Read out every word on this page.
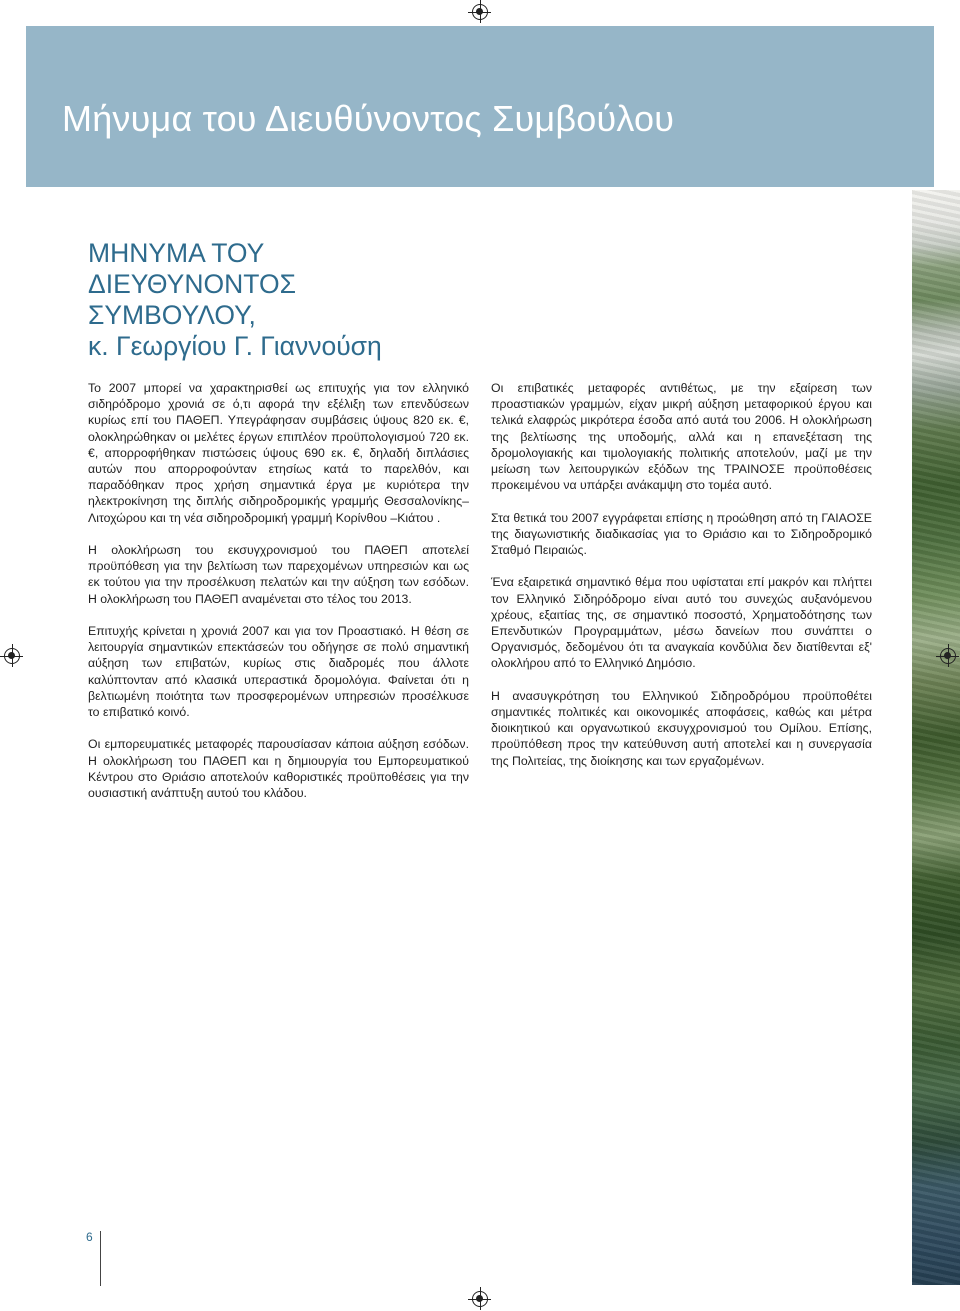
Μήνυμα του Διευθύνοντος Συμβούλου
ΜΗΝΥΜΑ ΤΟΥ
ΔΙΕΥΘΥΝΟΝΤΟΣ
ΣΥΜΒΟΥΛΟΥ,
κ. Γεωργίου Γ. Γιαννούση

Το 2007 μπορεί να χαρακτηρισθεί ως επιτυχής για τον ελληνικό σιδηρόδρομο χρονιά σε ό,τι αφορά την εξέλιξη των επενδύσεων κυρίως επί του ΠΑΘΕΠ. Υπεγράφησαν συμβάσεις ύψους 820 εκ. €, ολοκληρώθηκαν οι μελέτες έργων επιπλέον προϋπολογισμού 720 εκ. €, απορροφήθηκαν πιστώσεις ύψους 690 εκ. €, δηλαδή διπλάσιες αυτών που απορροφούνταν ετησίως κατά το παρελθόν, και παραδόθηκαν προς χρήση σημαντικά έργα με κυριότερα την ηλεκτροκίνηση της διπλής σιδηροδρομικής γραμμής Θεσσαλονίκης–Λιτοχώρου και τη νέα σιδηροδρομική γραμμή Κορίνθου –Κιάτου .

Η ολοκλήρωση του εκσυγχρονισμού του ΠΑΘΕΠ αποτελεί προϋπόθεση για την βελτίωση των παρεχομένων υπηρεσιών και ως εκ τούτου για την προσέλκυση πελατών και την αύξηση των εσόδων. Η ολοκλήρωση του ΠΑΘΕΠ αναμένεται στο τέλος του 2013.

Επιτυχής κρίνεται η χρονιά 2007 και για τον Προαστιακό. Η θέση σε λειτουργία σημαντικών επεκτάσεών του οδήγησε σε πολύ σημαντική αύξηση των επιβατών, κυρίως στις διαδρομές που άλλοτε καλύπτονταν από κλασικά υπεραστικά δρομολόγια. Φαίνεται ότι η βελτιωμένη ποιότητα των προσφερομένων υπηρεσιών προσέλκυσε το επιβατικό κοινό.

Οι εμπορευματικές μεταφορές παρουσίασαν κάποια αύξηση εσόδων. Η ολοκλήρωση του ΠΑΘΕΠ και η δημιουργία του Εμπορευματικού Κέντρου στο Θριάσιο αποτελούν καθοριστικές προϋποθέσεις για την ουσιαστική ανάπτυξη αυτού του κλάδου.

Οι επιβατικές μεταφορές αντιθέτως, με την εξαίρεση των προαστιακών γραμμών, είχαν μικρή αύξηση μεταφορικού έργου και τελικά ελαφρώς μικρότερα έσοδα από αυτά του 2006. Η ολοκλήρωση της βελτίωσης της υποδομής, αλλά και η επανεξέταση της δρομολογιακής και τιμολογιακής πολιτικής αποτελούν, μαζί με την μείωση των λειτουργικών εξόδων της ΤΡΑΙΝΟΣΕ προϋποθέσεις προκειμένου να υπάρξει ανάκαμψη στο τομέα αυτό.

Στα θετικά του 2007 εγγράφεται επίσης η προώθηση από τη ΓΑΙΑΟΣΕ της διαγωνιστικής διαδικασίας για το Θριάσιο και το Σιδηροδρομικό Σταθμό Πειραιώς.

Ένα εξαιρετικά σημαντικό θέμα που υφίσταται επί μακρόν και πλήττει τον Ελληνικό Σιδηρόδρομο είναι αυτό του συνεχώς αυξανόμενου χρέους, εξαιτίας της, σε σημαντικό ποσοστό, Χρηματοδότησης των Επενδυτικών Προγραμμάτων, μέσω δανείων που συνάπτει ο Οργανισμός, δεδομένου ότι τα αναγκαία κονδύλια δεν διατίθενται εξ' ολοκλήρου από το Ελληνικό Δημόσιο.

Η ανασυγκρότηση του Ελληνικού Σιδηροδρόμου προϋποθέτει σημαντικές πολιτικές και οικονομικές αποφάσεις, καθώς και μέτρα διοικητικού και οργανωτικού εκσυγχρονισμού του Ομίλου. Επίσης, προϋπόθεση προς την κατεύθυνση αυτή αποτελεί και η συνεργασία της Πολιτείας, της διοίκησης και των εργαζομένων.

6
